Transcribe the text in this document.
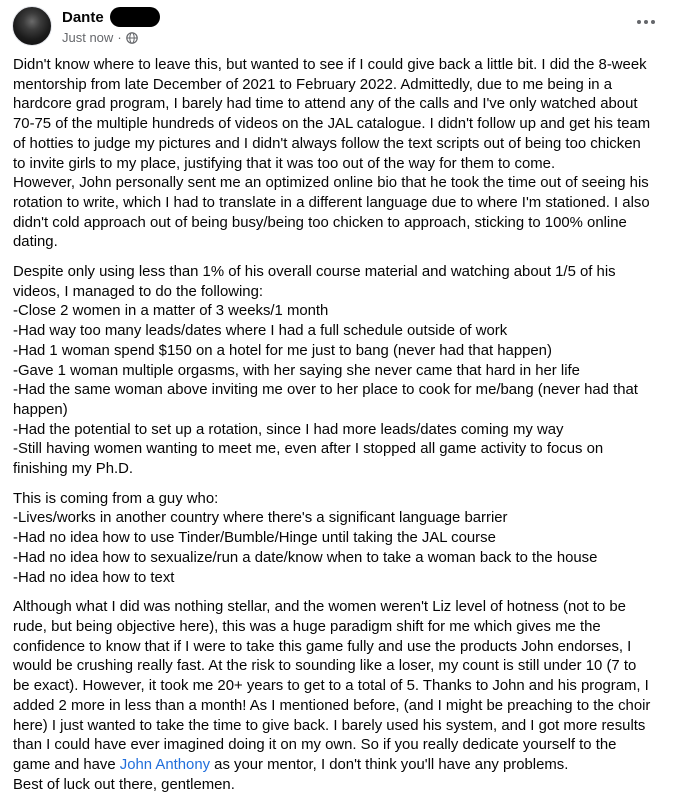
Dante
Just now ·

Didn't know where to leave this, but wanted to see if I could give back a little bit. I did the 8-week
mentorship from late December of 2021 to February 2022. Admittedly, due to me being in a
hardcore grad program, I barely had time to attend any of the calls and I've only watched about
70-75 of the multiple hundreds of videos on the JAL catalogue. I didn't follow up and get his team
of hotties to judge my pictures and I didn't always follow the text scripts out of being too chicken
to invite girls to my place, justifying that it was too out of the way for them to come.
However, John personally sent me an optimized online bio that he took the time out of seeing his
rotation to write, which I had to translate in a different language due to where I'm stationed. I also
didn't cold approach out of being busy/being too chicken to approach, sticking to 100% online
dating.

Despite only using less than 1% of his overall course material and watching about 1/5 of his
videos, I managed to do the following:
-Close 2 women in a matter of 3 weeks/1 month
-Had way too many leads/dates where I had a full schedule outside of work
-Had 1 woman spend $150 on a hotel for me just to bang (never had that happen)
-Gave 1 woman multiple orgasms, with her saying she never came that hard in her life
-Had the same woman above inviting me over to her place to cook for me/bang (never had that
happen)
-Had the potential to set up a rotation, since I had more leads/dates coming my way
-Still having women wanting to meet me, even after I stopped all game activity to focus on
finishing my Ph.D.

This is coming from a guy who:
-Lives/works in another country where there's a significant language barrier
-Had no idea how to use Tinder/Bumble/Hinge until taking the JAL course
-Had no idea how to sexualize/run a date/know when to take a woman back to the house
-Had no idea how to text

Although what I did was nothing stellar, and the women weren't Liz level of hotness (not to be
rude, but being objective here), this was a huge paradigm shift for me which gives me the
confidence to know that if I were to take this game fully and use the products John endorses, I
would be crushing really fast. At the risk to sounding like a loser, my count is still under 10 (7 to
be exact). However, it took me 20+ years to get to a total of 5. Thanks to John and his program, I
added 2 more in less than a month! As I mentioned before, (and I might be preaching to the choir
here) I just wanted to take the time to give back. I barely used his system, and I got more results
than I could have ever imagined doing it on my own. So if you really dedicate yourself to the
game and have John Anthony as your mentor, I don't think you'll have any problems.
Best of luck out there, gentlemen.
